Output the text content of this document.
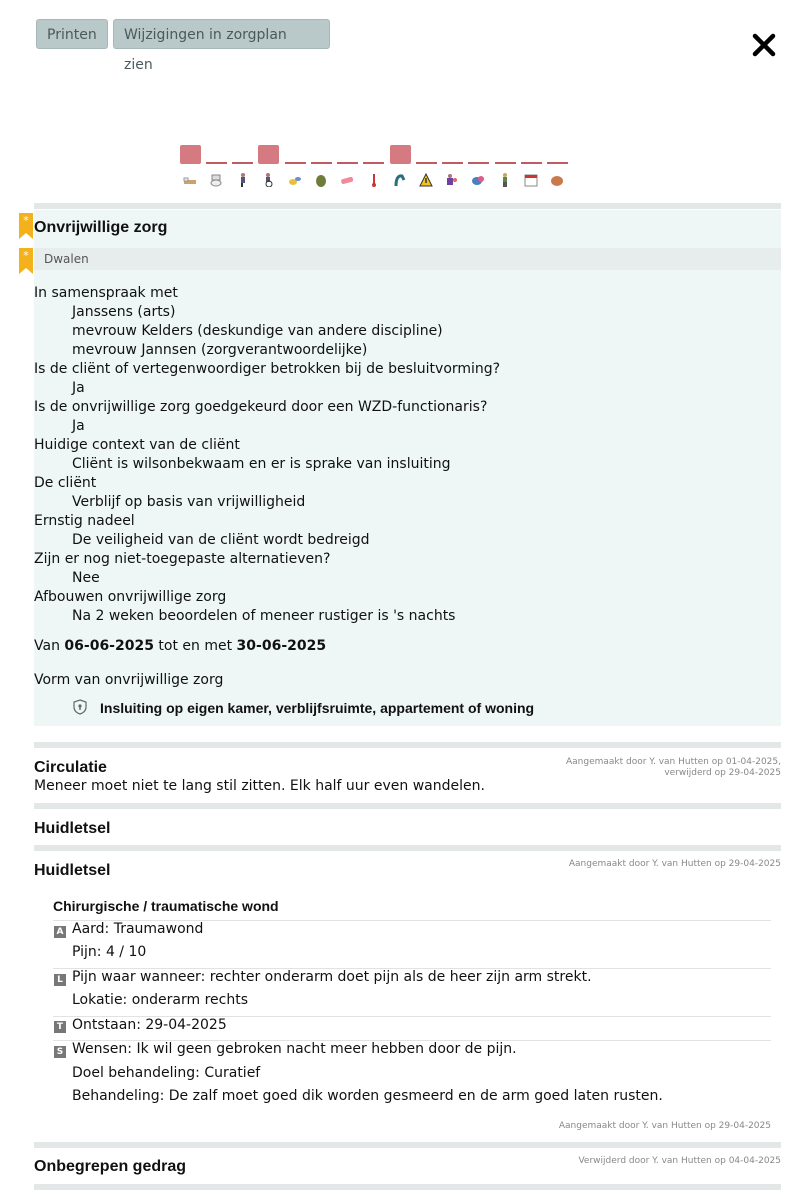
Printen	Wijzigingen in zorgplan zien
* Onvrijwillige zorg
Dwalen
*
In samenspraak met
Janssens (arts)
mevrouw Kelders (deskundige van andere discipline)
mevrouw Jannsen (zorgverantwoordelijke)
Is de cliënt of vertegenwoordiger betrokken bij de besluitvorming?
Ja
Is de onvrijwillige zorg goedgekeurd door een WZD-functionaris?
Ja
Huidige context van de cliënt
Cliënt is wilsonbekwaam en er is sprake van insluiting
De cliënt
Verblijf op basis van vrijwilligheid
Ernstig nadeel
De veiligheid van de cliënt wordt bedreigd
Zijn er nog niet-toegepaste alternatieven?
Nee
Afbouwen onvrijwillige zorg
Na 2 weken beoordelen of meneer rustiger is 's nachts
Van 06-06-2025 tot en met 30-06-2025
Vorm van onvrijwillige zorg
Insluiting op eigen kamer, verblijfsruimte, appartement of woning
Circulatie	Aangemaakt door Y. van Hutten op 01-04-2025,
verwijderd op 29-04-2025
Meneer moet niet te lang stil zitten. Elk half uur even wandelen.
Huidletsel
Huidletsel	Aangemaakt door Y. van Hutten op 29-04-2025
Chirurgische / traumatische wond
A Aard: Traumawond
Pijn: 4 / 10
L Pijn waar wanneer: rechter onderarm doet pijn als de heer zijn arm strekt.
Lokatie: onderarm rechts
T Ontstaan: 29-04-2025
S Wensen: Ik wil geen gebroken nacht meer hebben door de pijn.
Doel behandeling: Curatief
Behandeling: De zalf moet goed dik worden gesmeerd en de arm goed laten rusten.
Aangemaakt door Y. van Hutten op 29-04-2025
Onbegrepen gedrag	Verwijderd door Y. van Hutten op 04-04-2025
